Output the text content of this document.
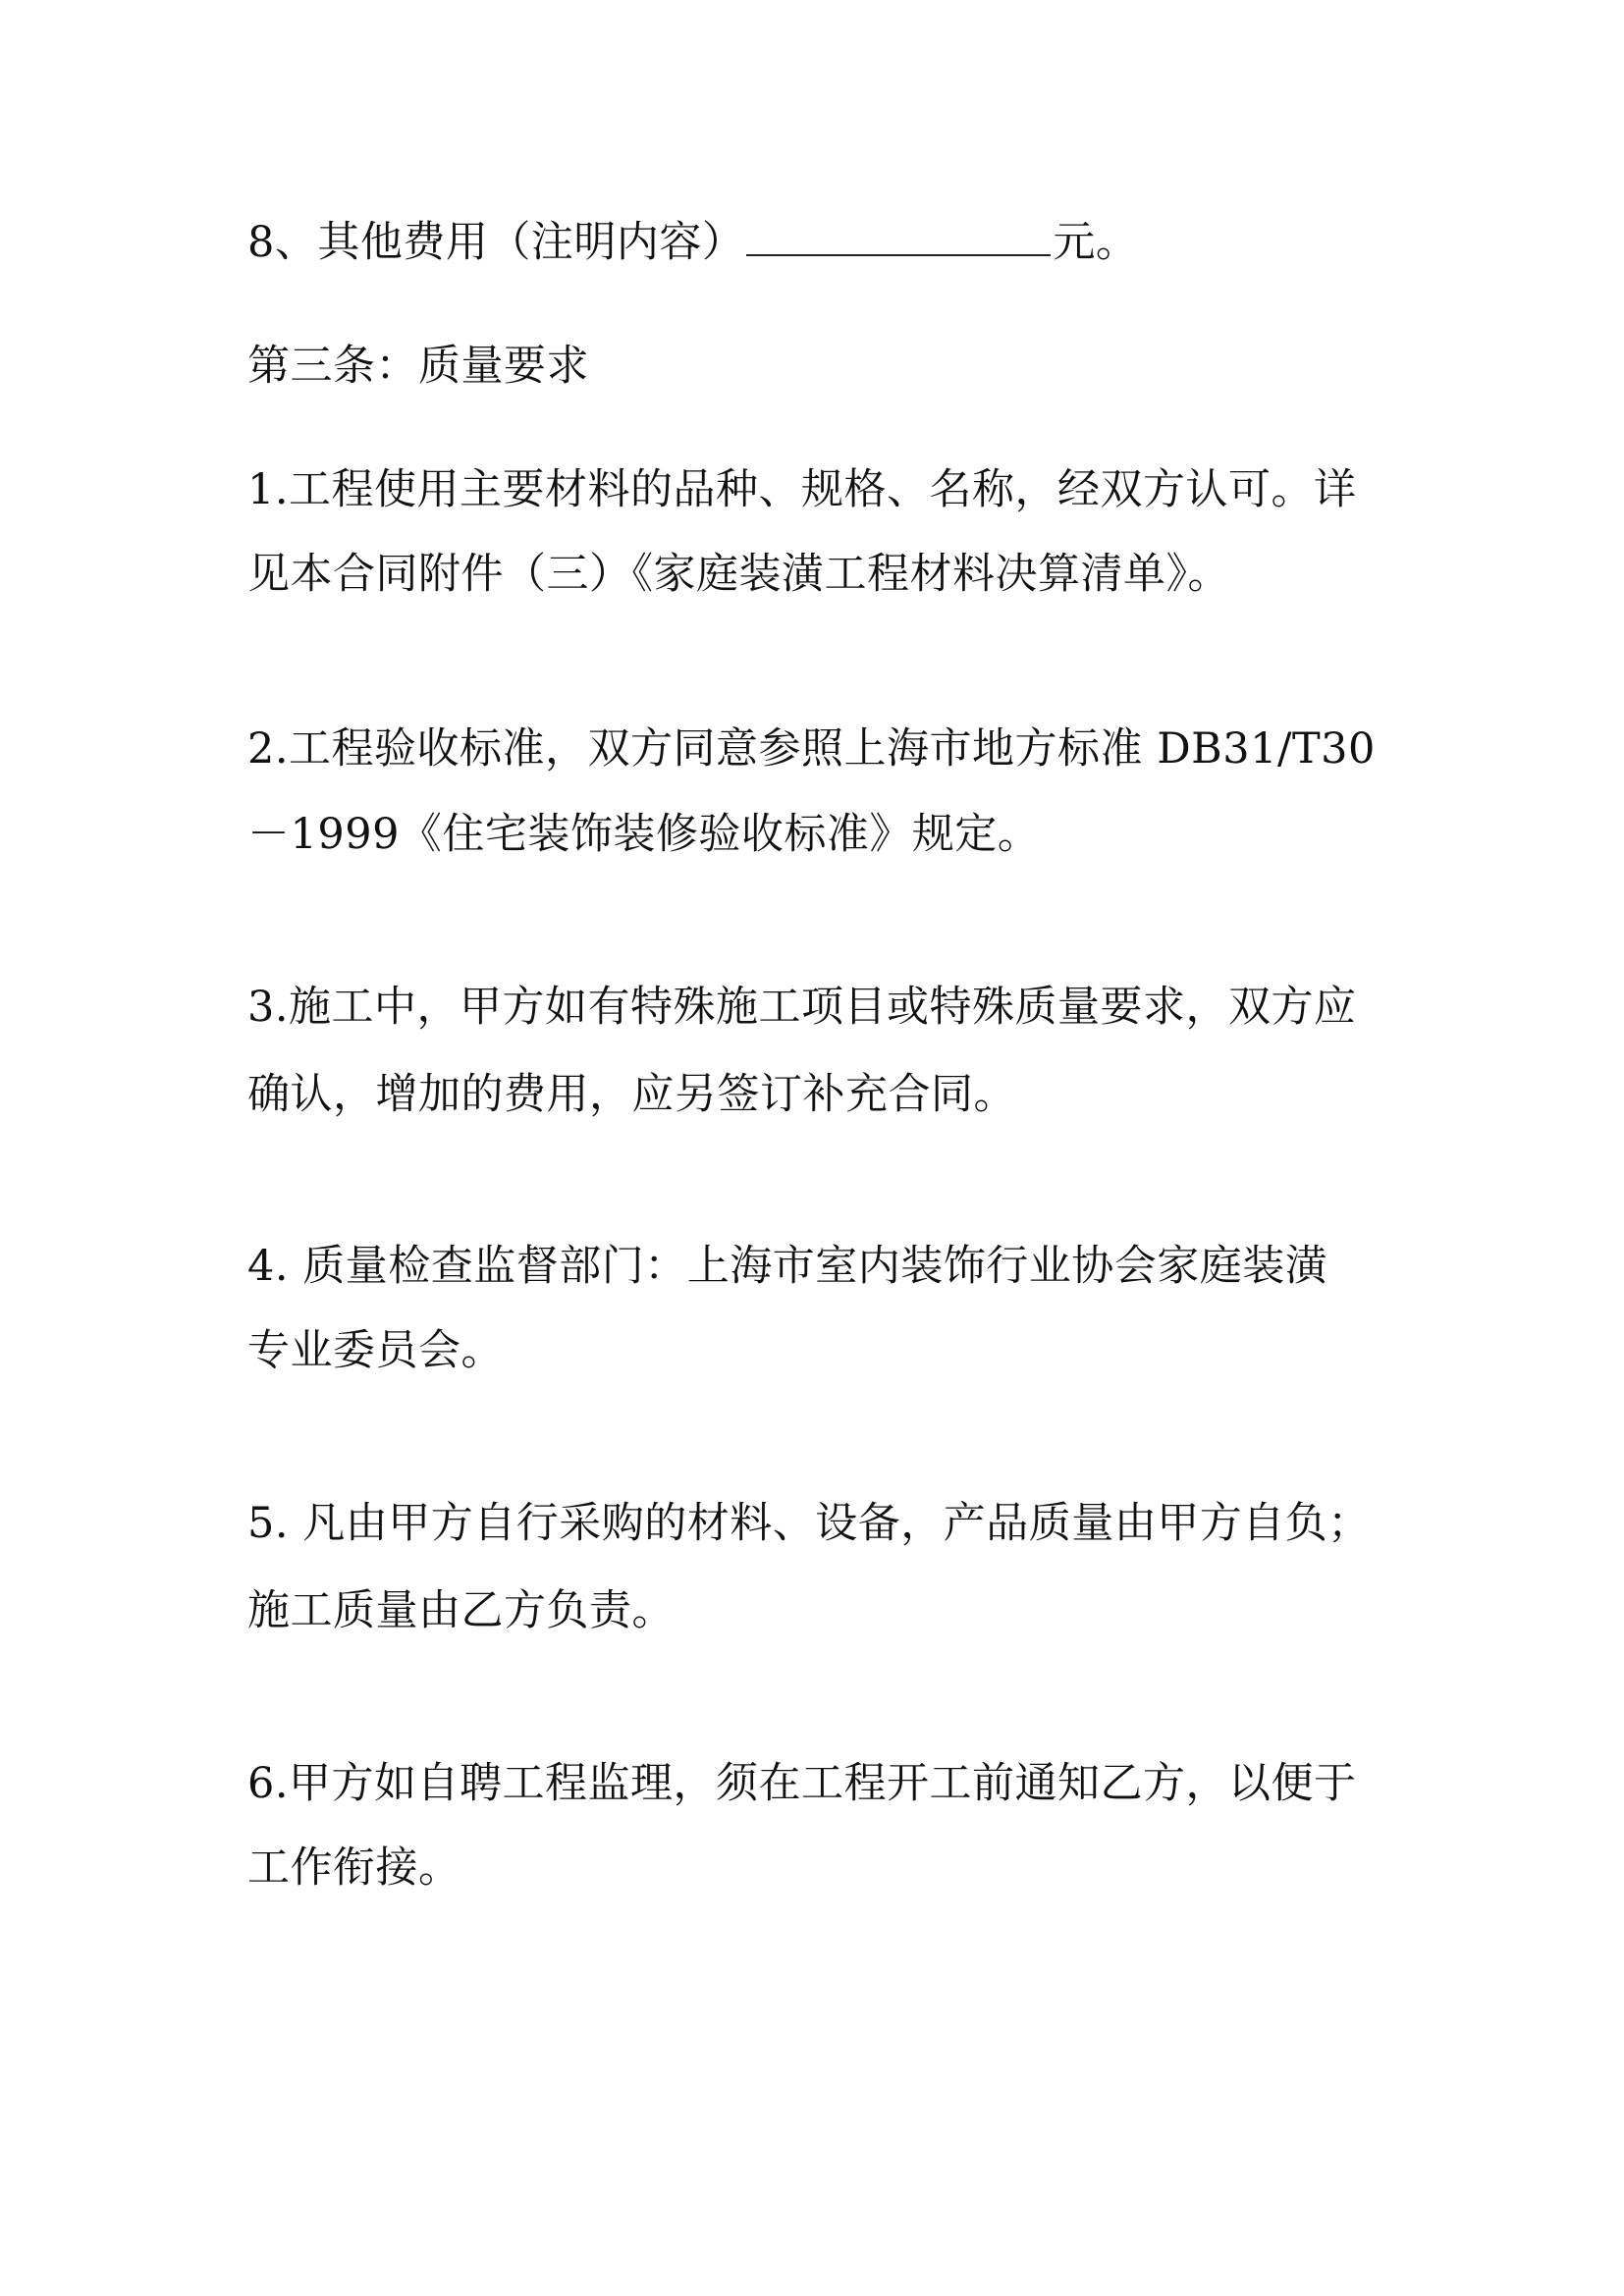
8、其他费用（注明内容）	元。
第三条：质量要求
1.工程使用主要材料的品种、规格、名称，经双方认可。详
见本合同附件（三）《家庭装潢工程材料决算清单》。
2.工程验收标准，双方同意参照上海市地方标准 DB31/T30
－1999《住宅装饰装修验收标准》规定。
3.施工中，甲方如有特殊施工项目或特殊质量要求，双方应
确认，增加的费用，应另签订补充合同。
4. 质量检查监督部门：上海市室内装饰行业协会家庭装潢
专业委员会。
5. 凡由甲方自行采购的材料、设备，产品质量由甲方自负；
施工质量由乙方负责。
6.甲方如自聘工程监理，须在工程开工前通知乙方，以便于
工作衔接。
